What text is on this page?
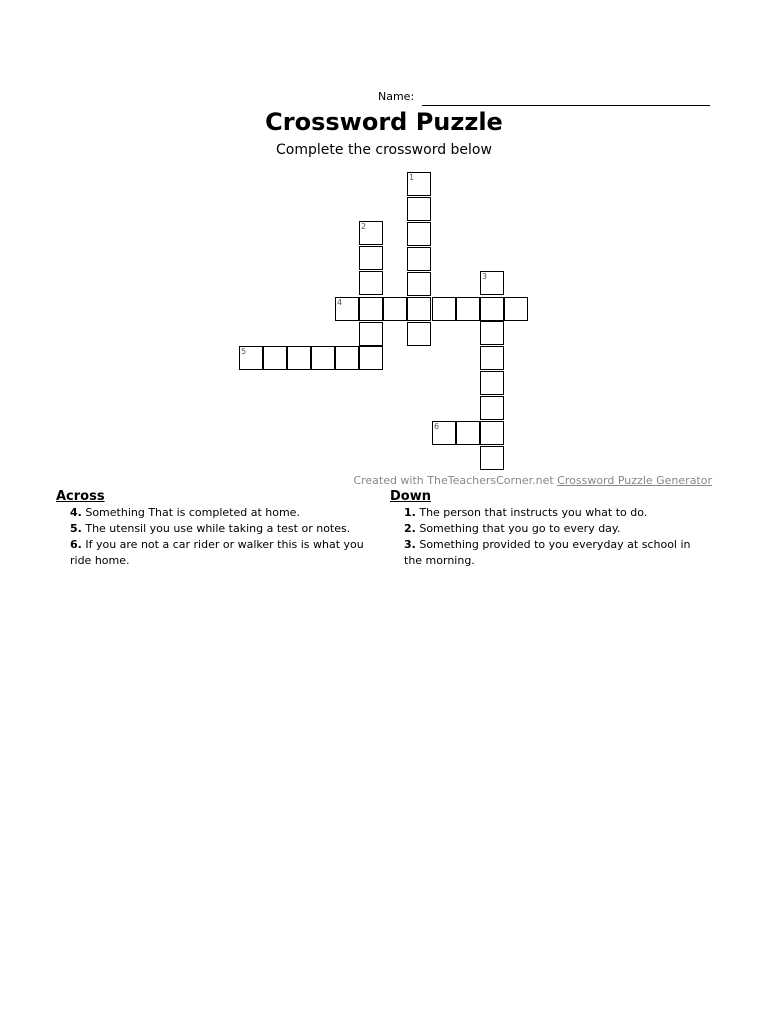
Name:
Crossword Puzzle
Complete the crossword below
1
2
4
3
5
6
Created with TheTeachersCorner.net Crossword Puzzle Generator
Across
4. Something That is completed at home.
5. The utensil you use while taking a test or notes.
6. If you are not a car rider or walker this is what you ride home.
Down
1. The person that instructs you what to do.
2. Something that you go to every day.
3. Something provided to you everyday at school in the morning.
